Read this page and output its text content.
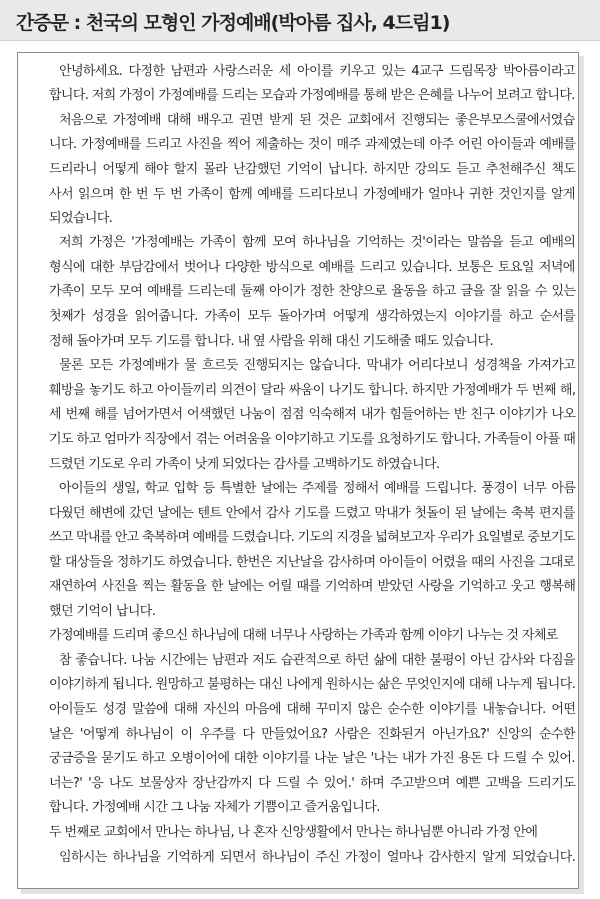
간증문 : 천국의 모형인 가정예배(박아름 집사, 4드림1)
안녕하세요. 다정한 남편과 사랑스러운 세 아이를 키우고 있는 4교구 드림목장 박아름이라고
합니다. 저희 가정이 가정예배를 드리는 모습과 가정예배를 통해 받은 은혜를 나누어 보려고 합니다.
처음으로 가정예배 대해 배우고 권면 받게 된 것은 교회에서 진행되는 좋은부모스쿨에서였습
니다. 가정예배를 드리고 사진을 찍어 제출하는 것이 매주 과제였는데 아주 어린 아이들과 예배를
드리라니 어떻게 해야 할지 몰라 난감했던 기억이 납니다. 하지만 강의도 듣고 추천해주신 책도
사서 읽으며 한 번 두 번 가족이 함께 예배를 드리다보니 가정예배가 얼마나 귀한 것인지를 알게
되었습니다.
저희 가정은 '가정예배는 가족이 함께 모여 하나님을 기억하는 것'이라는 말씀을 듣고 예배의
형식에 대한 부담감에서 벗어나 다양한 방식으로 예배를 드리고 있습니다. 보통은 토요일 저녁에
가족이 모두 모여 예배를 드리는데 둘째 아이가 정한 찬양으로 율동을 하고 글을 잘 읽을 수 있는
첫째가 성경을 읽어줍니다. 가족이 모두 돌아가며 어떻게 생각하였는지 이야기를 하고 순서를
정해 돌아가며 모두 기도를 합니다. 내 옆 사람을 위해 대신 기도해줄 때도 있습니다.
물론 모든 가정예배가 물 흐르듯 진행되지는 않습니다. 막내가 어리다보니 성경책을 가져가고
훼방을 놓기도 하고 아이들끼리 의견이 달라 싸움이 나기도 합니다. 하지만 가정예배가 두 번째 해,
세 번째 해를 넘어가면서 어색했던 나눔이 점점 익숙해져 내가 힘들어하는 반 친구 이야기가 나오
기도 하고 엄마가 직장에서 겪는 어려움을 이야기하고 기도를 요청하기도 합니다. 가족들이 아플 때
드렸던 기도로 우리 가족이 낫게 되었다는 감사를 고백하기도 하였습니다.
아이들의 생일, 학교 입학 등 특별한 날에는 주제를 정해서 예배를 드립니다. 풍경이 너무 아름
다웠던 해변에 갔던 날에는 텐트 안에서 감사 기도를 드렸고 막내가 첫돌이 된 날에는 축복 편지를
쓰고 막내를 안고 축복하며 예배를 드렸습니다. 기도의 지경을 넓혀보고자 우리가 요일별로 중보기도
할 대상들을 정하기도 하였습니다. 한번은 지난날을 감사하며 아이들이 어렸을 때의 사진을 그대로
재연하여 사진을 찍는 활동을 한 날에는 어릴 때를 기억하며 받았던 사랑을 기억하고 웃고 행복해
했던 기억이 납니다.
가정예배를 드리며 좋으신 하나님에 대해 너무나 사랑하는 가족과 함께 이야기 나누는 것 자체로
참 좋습니다. 나눔 시간에는 남편과 저도 습관적으로 하던 삶에 대한 불평이 아닌 감사와 다짐을
이야기하게 됩니다. 원망하고 불평하는 대신 나에게 원하시는 삶은 무엇인지에 대해 나누게 됩니다.
아이들도 성경 말씀에 대해 자신의 마음에 대해 꾸미지 않은 순수한 이야기를 내놓습니다. 어떤
날은 '어떻게 하나님이 이 우주를 다 만들었어요? 사람은 진화된거 아닌가요?' 신앙의 순수한
궁금증을 묻기도 하고 오병이어에 대한 이야기를 나눈 날은 '나는 내가 가진 용돈 다 드릴 수 있어.
너는?' '응 나도 보물상자 장난감까지 다 드릴 수 있어.' 하며 주고받으며 예쁜 고백을 드리기도
합니다. 가정예배 시간 그 나눔 자체가 기쁨이고 즐거움입니다.
두 번째로 교회에서 만나는 하나님, 나 혼자 신앙생활에서 만나는 하나님뿐 아니라 가정 안에
임하시는 하나님을 기억하게 되면서 하나님이 주신 가정이 얼마나 감사한지 알게 되었습니다.
